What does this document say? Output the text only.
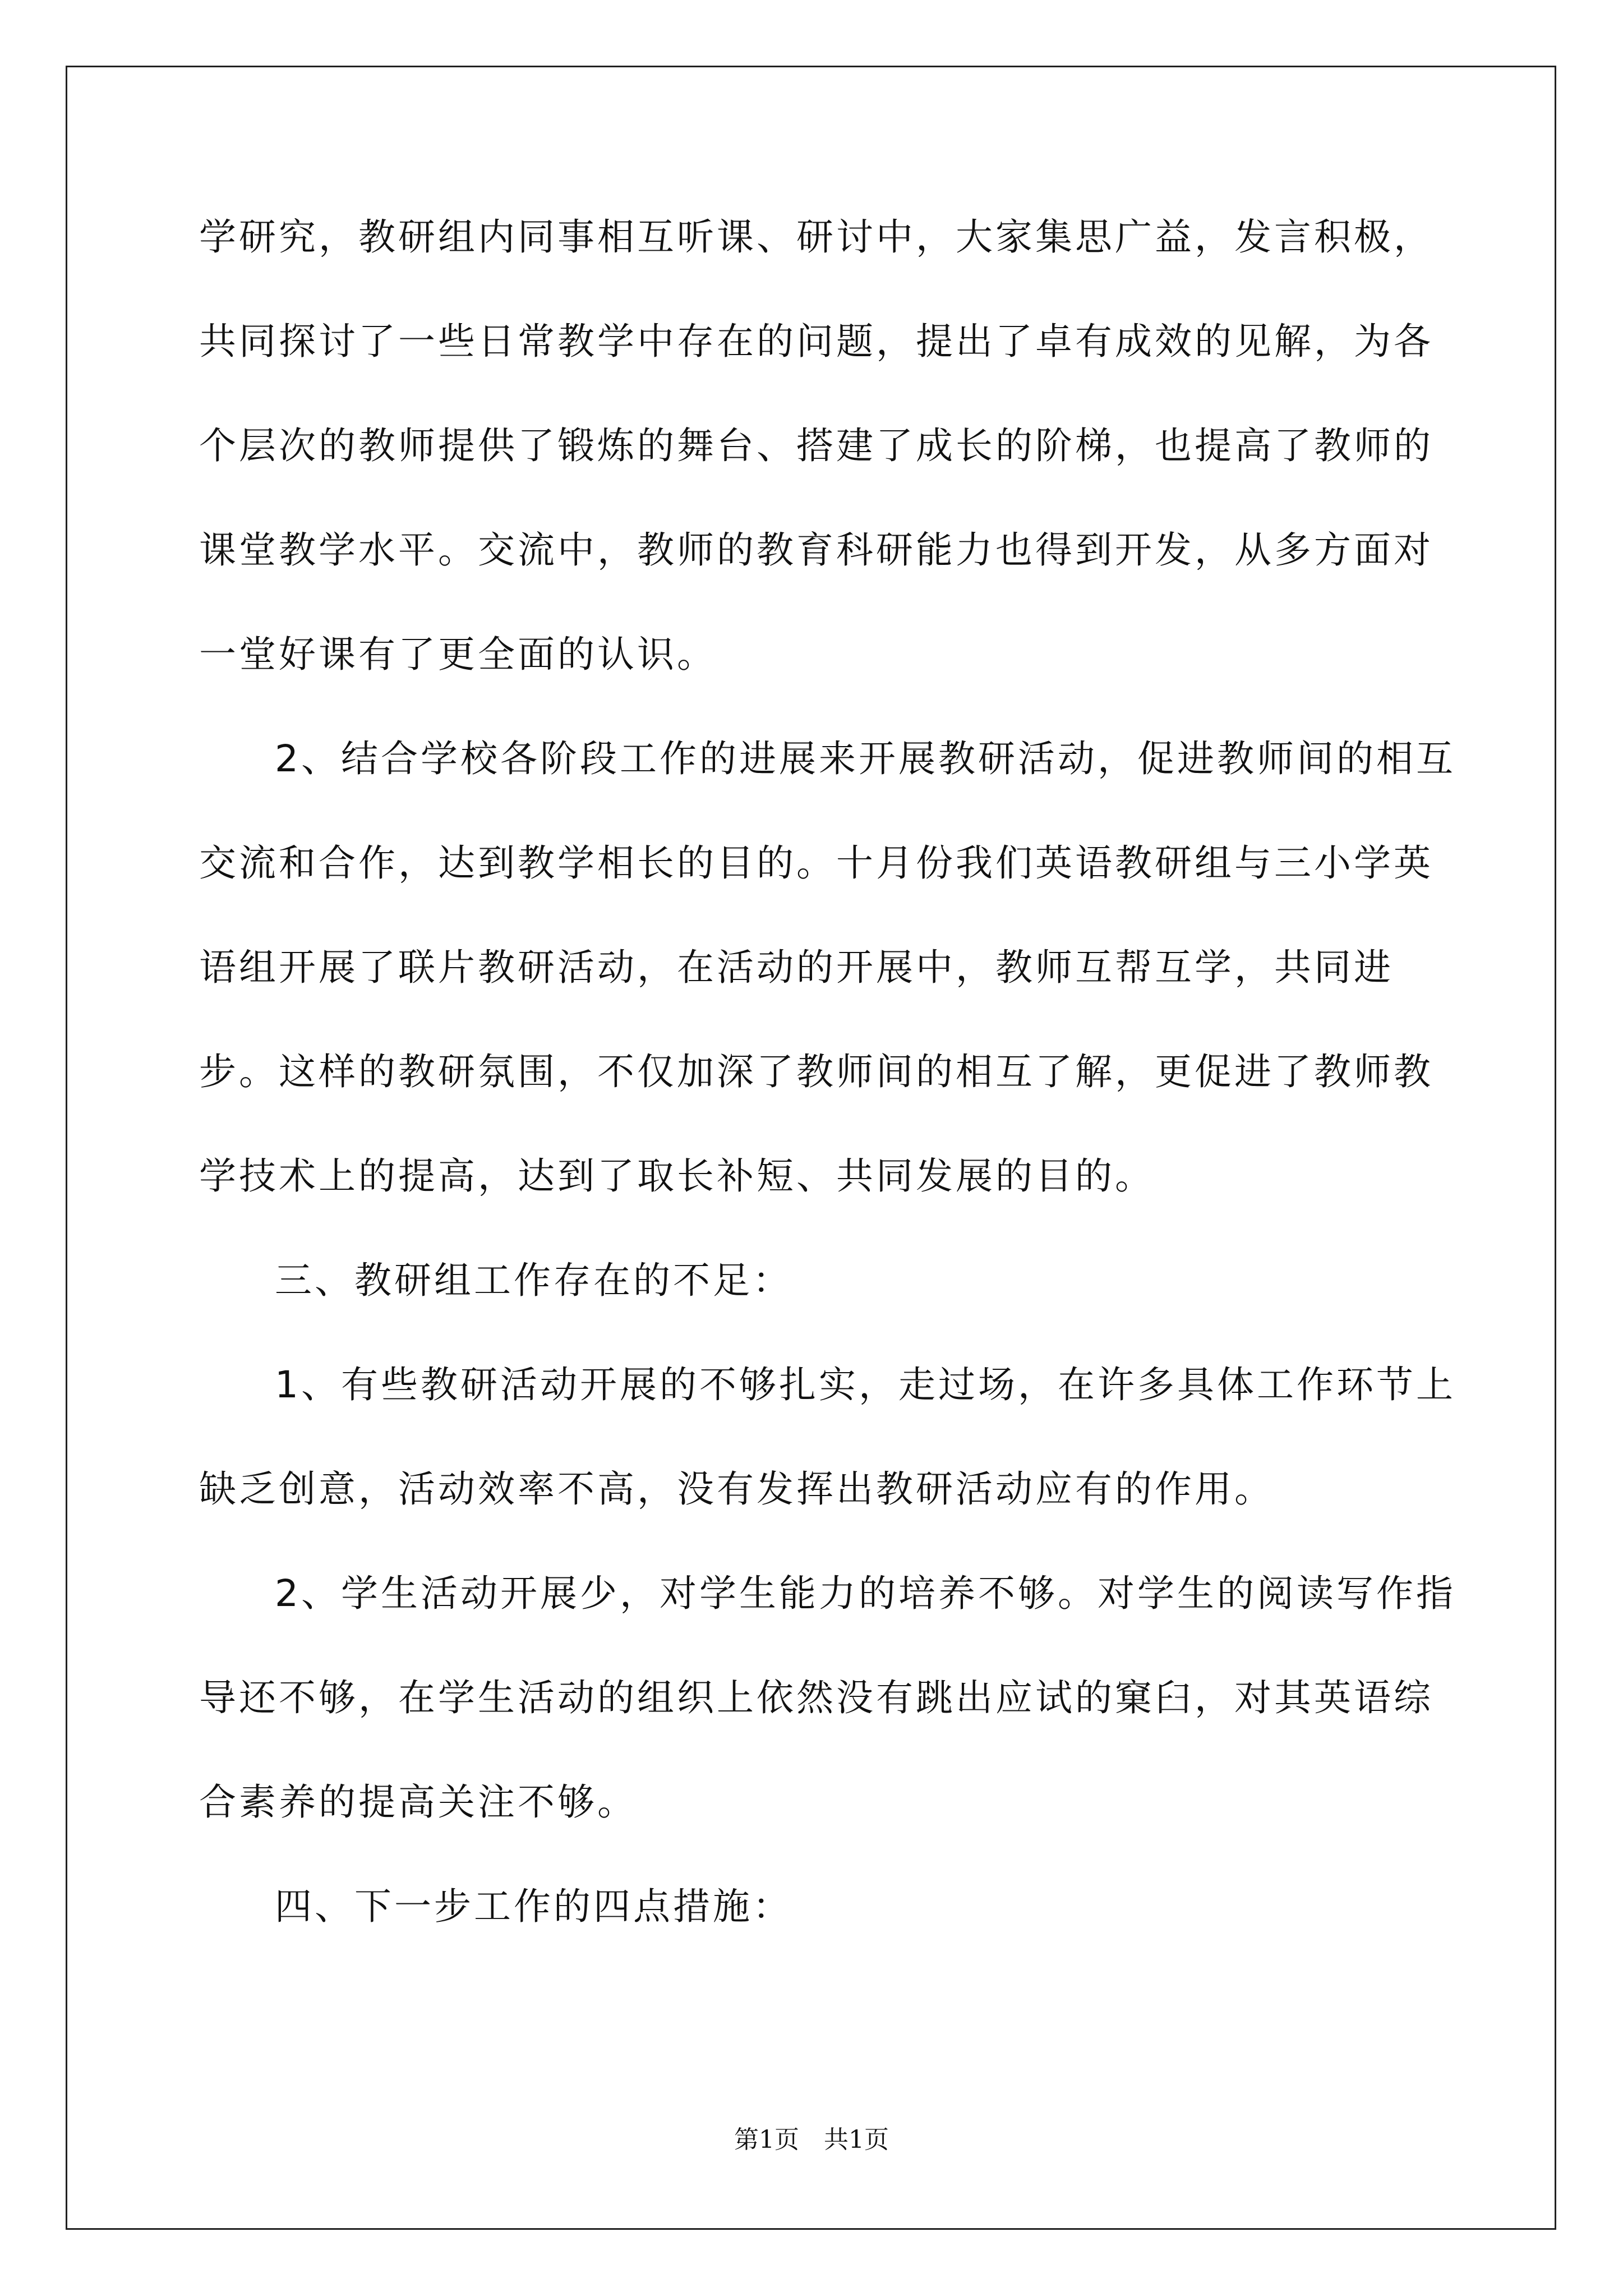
学研究，教研组内同事相互听课、研讨中，大家集思广益，发言积极，共同探讨了一些日常教学中存在的问题，提出了卓有成效的见解，为各个层次的教师提供了锻炼的舞台、搭建了成长的阶梯，也提高了教师的课堂教学水平。交流中，教师的教育科研能力也得到开发，从多方面对一堂好课有了更全面的认识。

2、结合学校各阶段工作的进展来开展教研活动，促进教师间的相互交流和合作，达到教学相长的目的。十月份我们英语教研组与三小学英语组开展了联片教研活动，在活动的开展中，教师互帮互学，共同进步。这样的教研氛围，不仅加深了教师间的相互了解，更促进了教师教学技术上的提高，达到了取长补短、共同发展的目的。

三、教研组工作存在的不足：

1、有些教研活动开展的不够扎实，走过场，在许多具体工作环节上缺乏创意，活动效率不高，没有发挥出教研活动应有的作用。

2、学生活动开展少，对学生能力的培养不够。对学生的阅读写作指导还不够，在学生活动的组织上依然没有跳出应试的窠臼，对其英语综合素养的提高关注不够。

四、下一步工作的四点措施：

第1页　共1页
